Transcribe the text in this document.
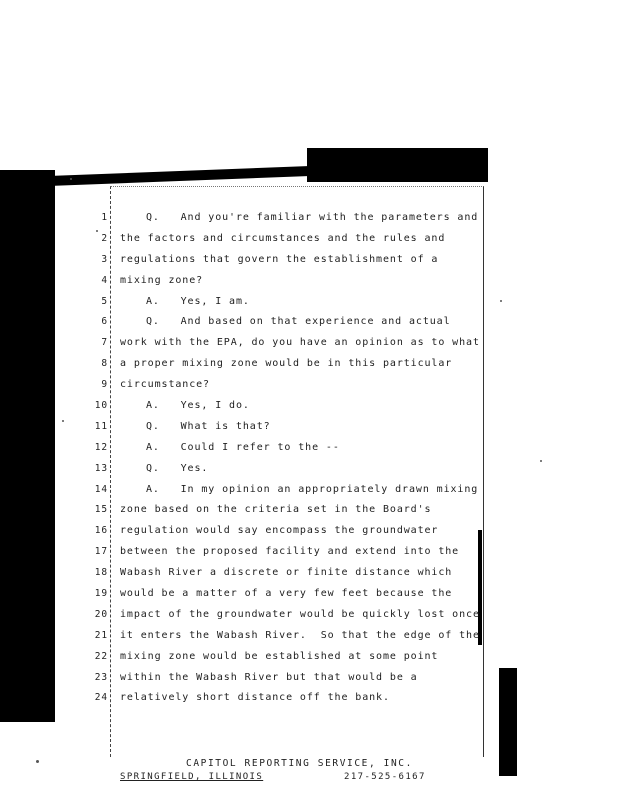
1	Q.   And you're familiar with the parameters and
2 the factors and circumstances and the rules and
3 regulations that govern the establishment of a
4 mixing zone?
5	A.   Yes, I am.
6	Q.   And based on that experience and actual
7 work with the EPA, do you have an opinion as to what
8 a proper mixing zone would be in this particular
9 circumstance?
10	A.   Yes, I do.
11	Q.   What is that?
12	A.   Could I refer to the --
13	Q.   Yes.
14	A.   In my opinion an appropriately drawn mixing
15 zone based on the criteria set in the Board's
16 regulation would say encompass the groundwater
17 between the proposed facility and extend into the
18 Wabash River a discrete or finite distance which
19 would be a matter of a very few feet because the
20 impact of the groundwater would be quickly lost once
21 it enters the Wabash River.  So that the edge of the
22 mixing zone would be established at some point
23 within the Wabash River but that would be a
24 relatively short distance off the bank.
CAPITOL REPORTING SERVICE, INC.
SPRINGFIELD, ILLINOIS	217-525-6167
